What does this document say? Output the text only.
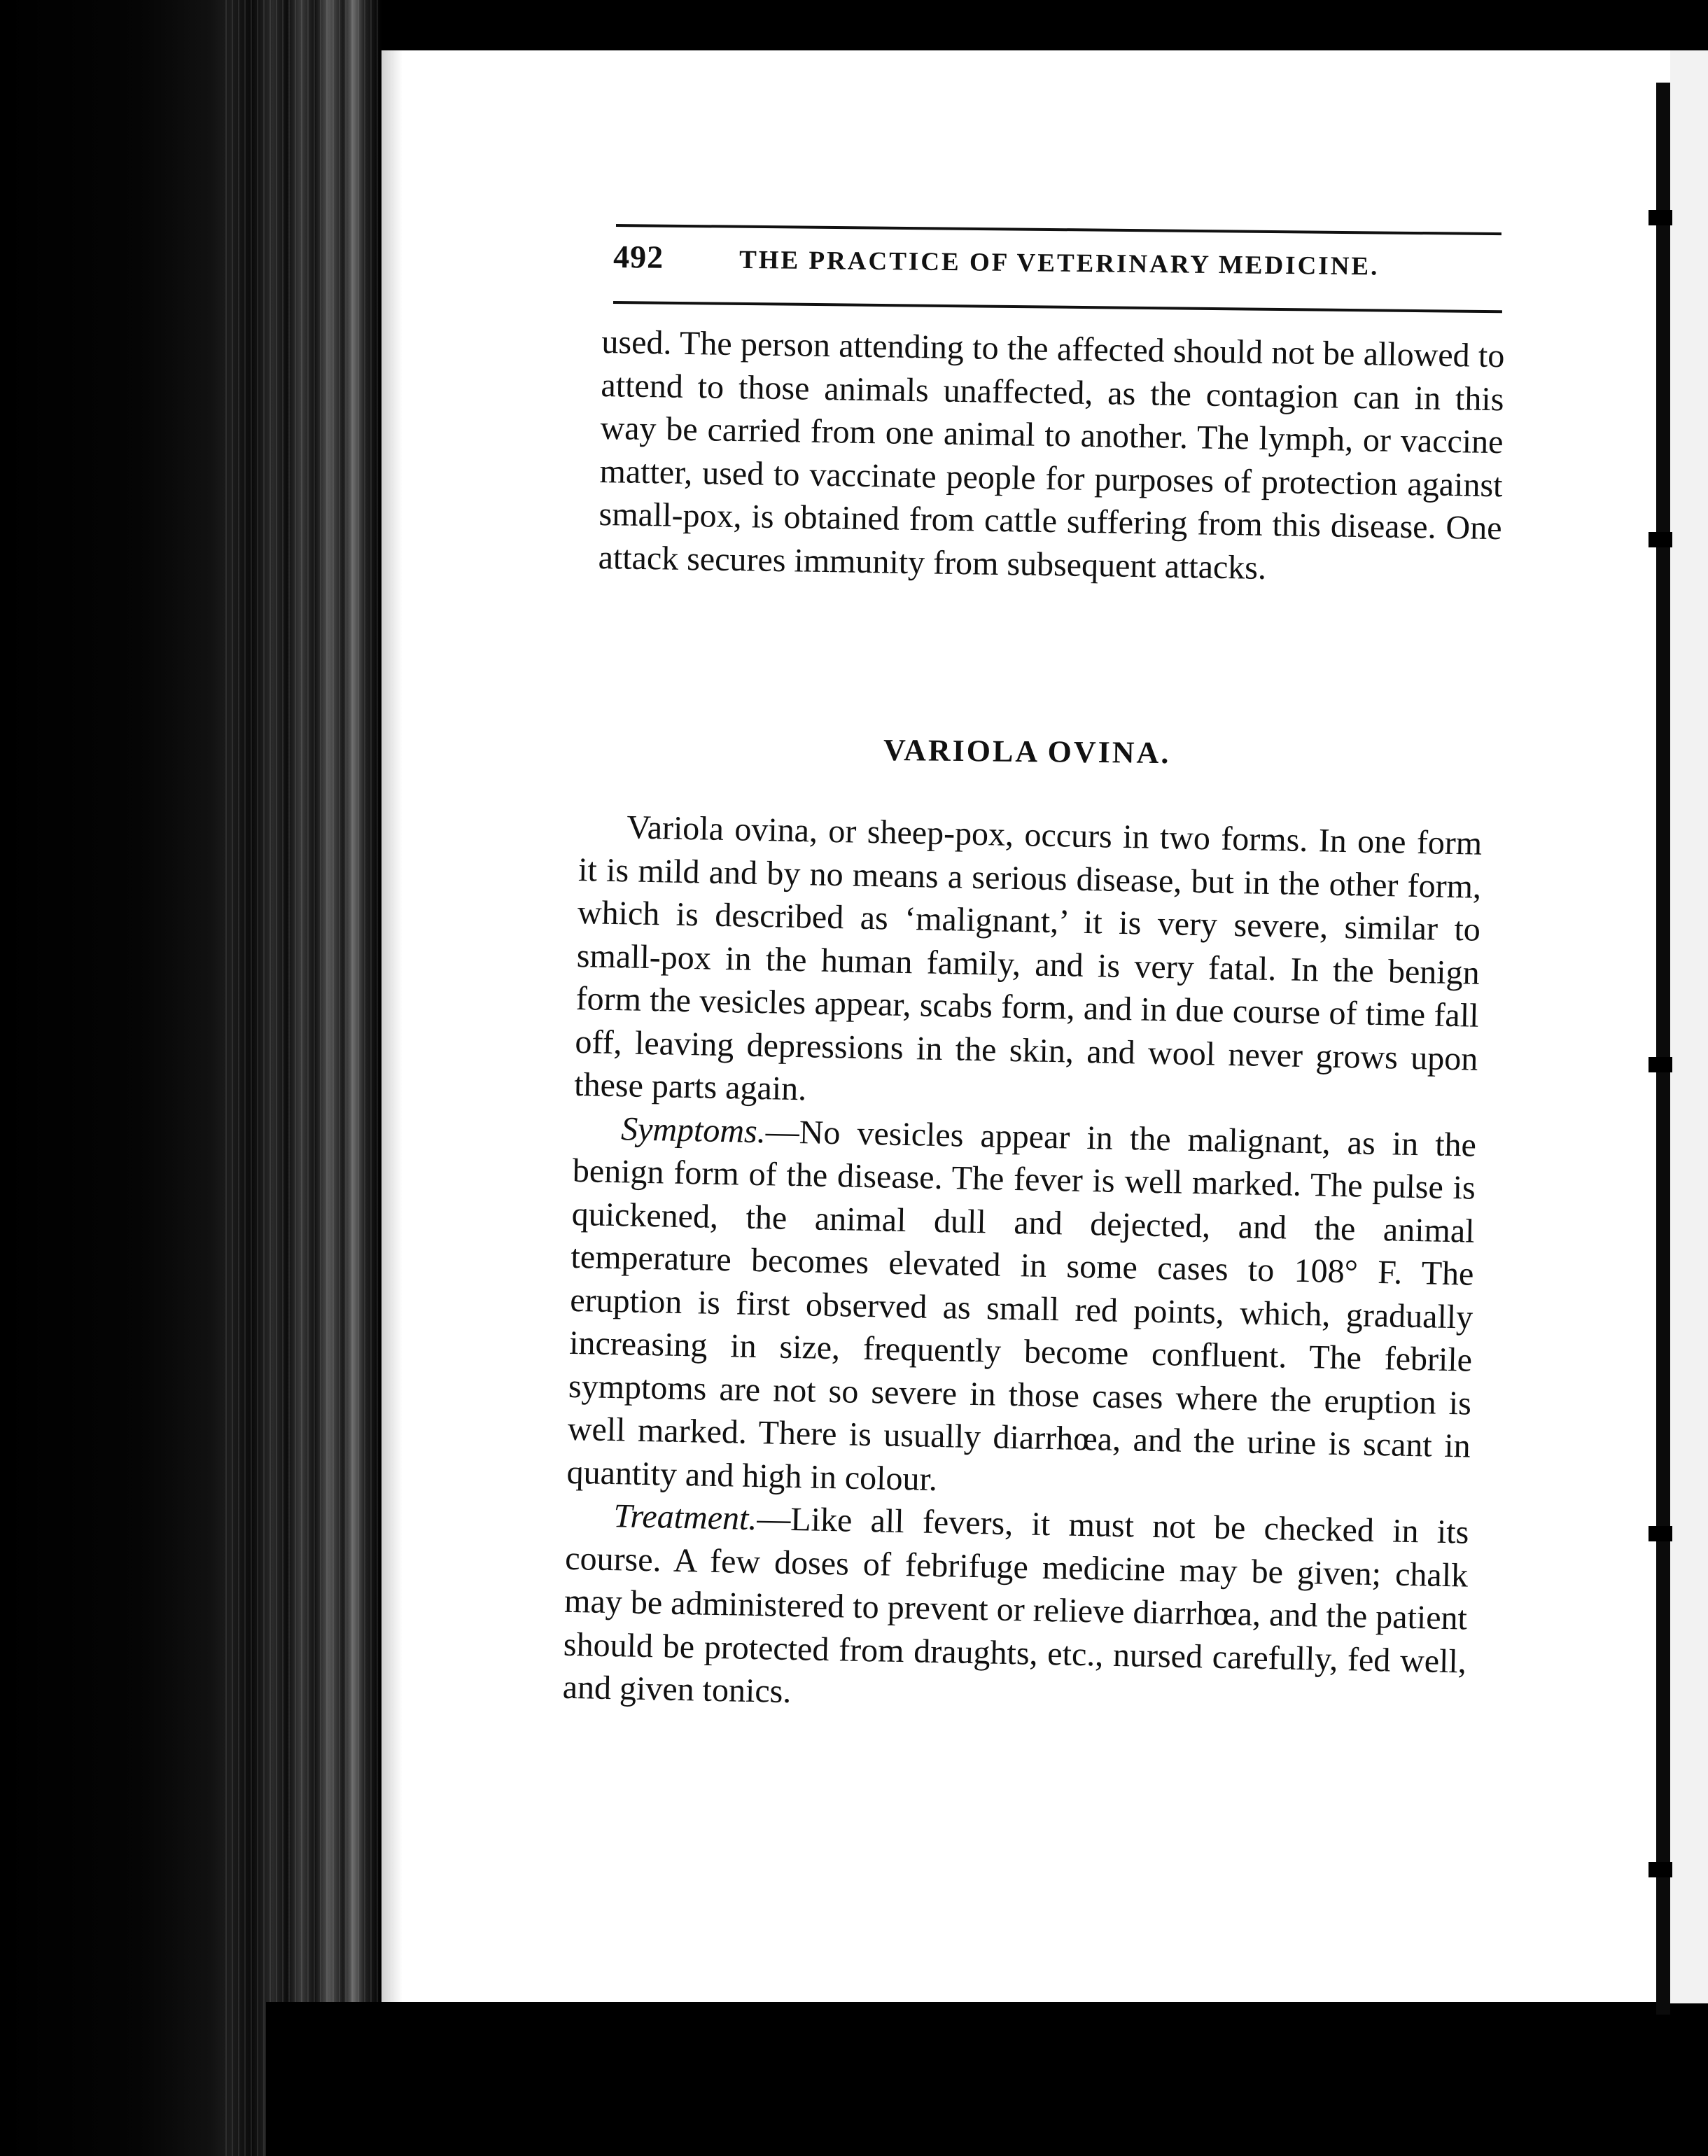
492	THE PRACTICE OF VETERINARY MEDICINE.

used. The person attending to the affected should not be allowed to attend to those animals unaffected, as the contagion can in this way be carried from one animal to another. The lymph, or vaccine matter, used to vaccinate people for purposes of protection against small-pox, is obtained from cattle suffering from this disease. One attack secures immunity from subsequent attacks.

VARIOLA OVINA.

Variola ovina, or sheep-pox, occurs in two forms. In one form it is mild and by no means a serious disease, but in the other form, which is described as ‘malignant,’ it is very severe, similar to small-pox in the human family, and is very fatal. In the benign form the vesicles appear, scabs form, and in due course of time fall off, leaving depressions in the skin, and wool never grows upon these parts again.

Symptoms.—No vesicles appear in the malignant, as in the benign form of the disease. The fever is well marked. The pulse is quickened, the animal dull and dejected, and the animal temperature becomes elevated in some cases to 108° F. The eruption is first observed as small red points, which, gradually increasing in size, frequently become confluent. The febrile symptoms are not so severe in those cases where the eruption is well marked. There is usually diarrhœa, and the urine is scant in quantity and high in colour.

Treatment.—Like all fevers, it must not be checked in its course. A few doses of febrifuge medicine may be given; chalk may be administered to prevent or relieve diarrhœa, and the patient should be protected from draughts, etc., nursed carefully, fed well, and given tonics.
